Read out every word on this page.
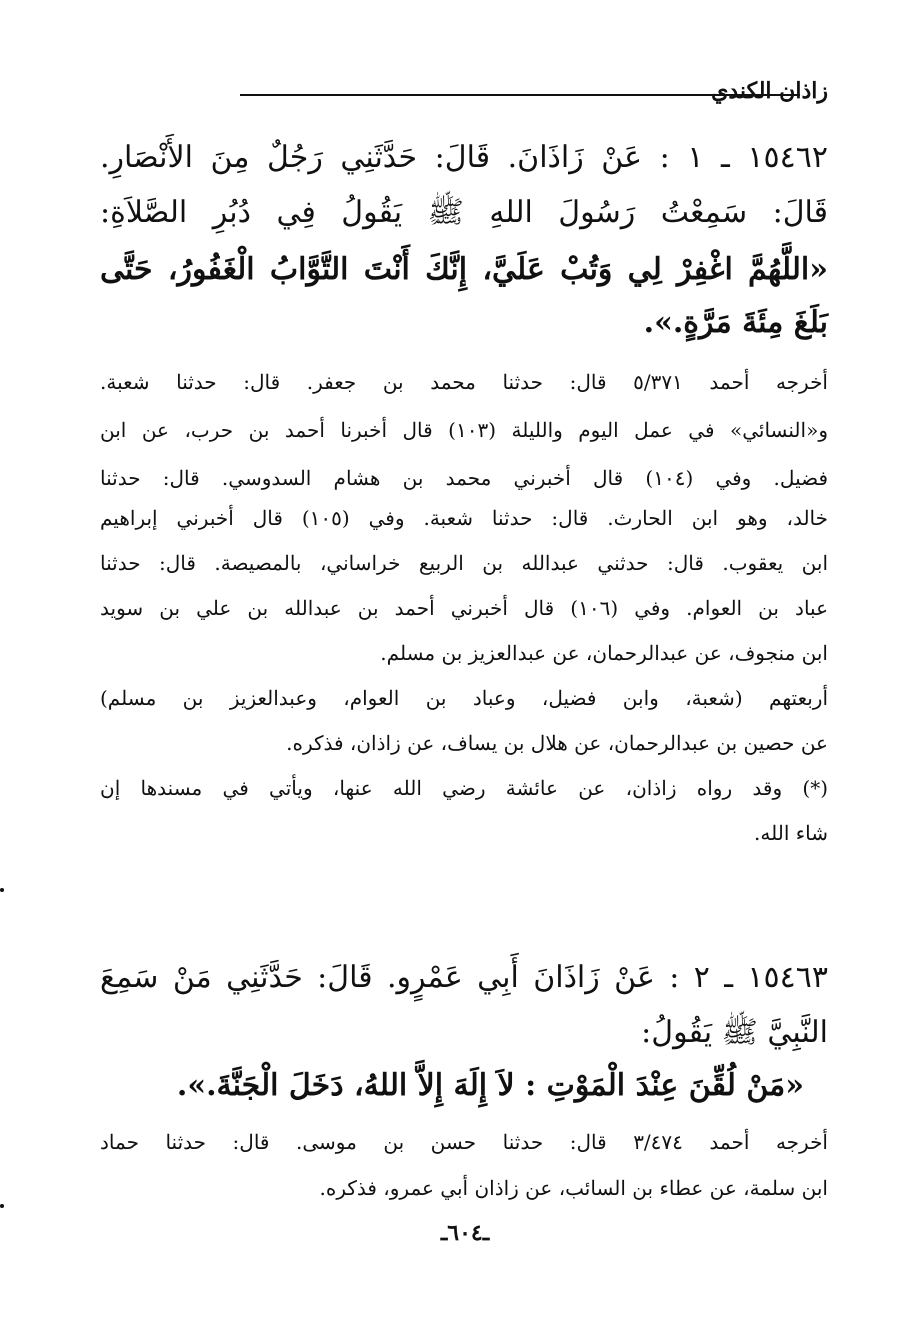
زاذان الكندي
١٥٤٦٢ ـ ١ : عَنْ زَاذَانَ. قَالَ: حَدَّثَنِي رَجُلٌ مِنَ الأَنْصَارِ.
قَالَ: سَمِعْتُ رَسُولَ اللهِ ﷺ يَقُولُ فِي دُبُرِ الصَّلاَةِ:
«اللَّهُمَّ اغْفِرْ لِي وَتُبْ عَلَيَّ، إِنَّكَ أَنْتَ التَّوَّابُ الْغَفُورُ، حَتَّى
بَلَغَ مِئَةَ مَرَّةٍ.».
أخرجه أحمد ٥/٣٧١ قال: حدثنا محمد بن جعفر. قال: حدثنا شعبة.
و«النسائي» في عمل اليوم والليلة (١٠٣) قال أخبرنا أحمد بن حرب، عن ابن
فضيل. وفي (١٠٤) قال أخبرني محمد بن هشام السدوسي. قال: حدثنا
خالد، وهو ابن الحارث. قال: حدثنا شعبة. وفي (١٠٥) قال أخبرني إبراهيم
ابن يعقوب. قال: حدثني عبدالله بن الربيع خراساني، بالمصيصة. قال: حدثنا
عباد بن العوام. وفي (١٠٦) قال أخبرني أحمد بن عبدالله بن علي بن سويد
ابن منجوف، عن عبدالرحمان، عن عبدالعزيز بن مسلم.
أربعتهم (شعبة، وابن فضيل، وعباد بن العوام، وعبدالعزيز بن مسلم)
عن حصين بن عبدالرحمان، عن هلال بن يساف، عن زاذان، فذكره.
(*) وقد رواه زاذان، عن عائشة رضي الله عنها، ويأتي في مسندها إن
شاء الله.
١٥٤٦٣ ـ ٢ : عَنْ زَاذَانَ أَبِي عَمْرٍو. قَالَ: حَدَّثَنِي مَنْ سَمِعَ
النَّبِيَّ ﷺ يَقُولُ:
«مَنْ لُقِّنَ عِنْدَ الْمَوْتِ : لاَ إِلَهَ إِلاَّ اللهُ، دَخَلَ الْجَنَّةَ.».
أخرجه أحمد ٣/٤٧٤ قال: حدثنا حسن بن موسى. قال: حدثنا حماد
ابن سلمة، عن عطاء بن السائب، عن زاذان أبي عمرو، فذكره.
ـ٦٠٤ـ
